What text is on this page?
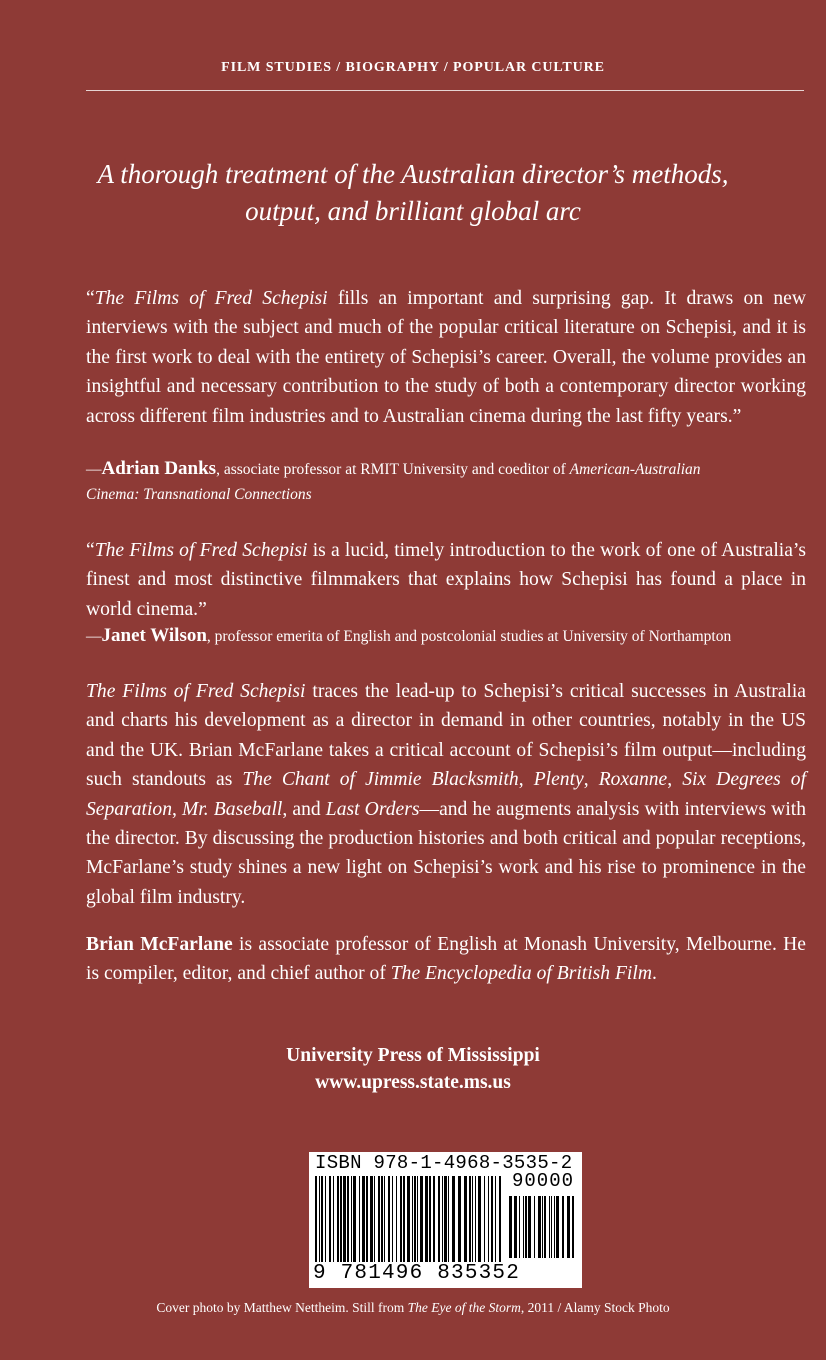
FILM STUDIES / BIOGRAPHY / POPULAR CULTURE
A thorough treatment of the Australian director’s methods,
output, and brilliant global arc
“The Films of Fred Schepisi fills an important and surprising gap. It draws on new interviews with the subject and much of the popular critical literature on Schepisi, and it is the first work to deal with the entirety of Schepisi’s career. Overall, the volume provides an insightful and necessary contribution to the study of both a contemporary director working across different film industries and to Australian cinema during the last fifty years.”
—Adrian Danks, associate professor at RMIT University and coeditor of American-Australian
Cinema: Transnational Connections
“The Films of Fred Schepisi is a lucid, timely introduction to the work of one of Australia’s finest and most distinctive filmmakers that explains how Schepisi has found a place in world cinema.”
—Janet Wilson, professor emerita of English and postcolonial studies at University of Northampton
The Films of Fred Schepisi traces the lead-up to Schepisi’s critical successes in Australia and charts his development as a director in demand in other countries, notably in the US and the UK. Brian McFarlane takes a critical account of Schepisi’s film output—including such standouts as The Chant of Jimmie Blacksmith, Plenty, Roxanne, Six Degrees of Separation, Mr. Baseball, and Last Orders—and he augments analysis with interviews with the director. By discussing the production histories and both critical and popular receptions, McFarlane’s study shines a new light on Schepisi’s work and his rise to prominence in the global film industry.
Brian McFarlane is associate professor of English at Monash University, Melbourne. He is compiler, editor, and chief author of The Encyclopedia of British Film.
University Press of Mississippi
www.upress.state.ms.us
ISBN 978-1-4968-3535-2
90000
9 781496 835352
Cover photo by Matthew Nettheim. Still from The Eye of the Storm, 2011 / Alamy Stock Photo
